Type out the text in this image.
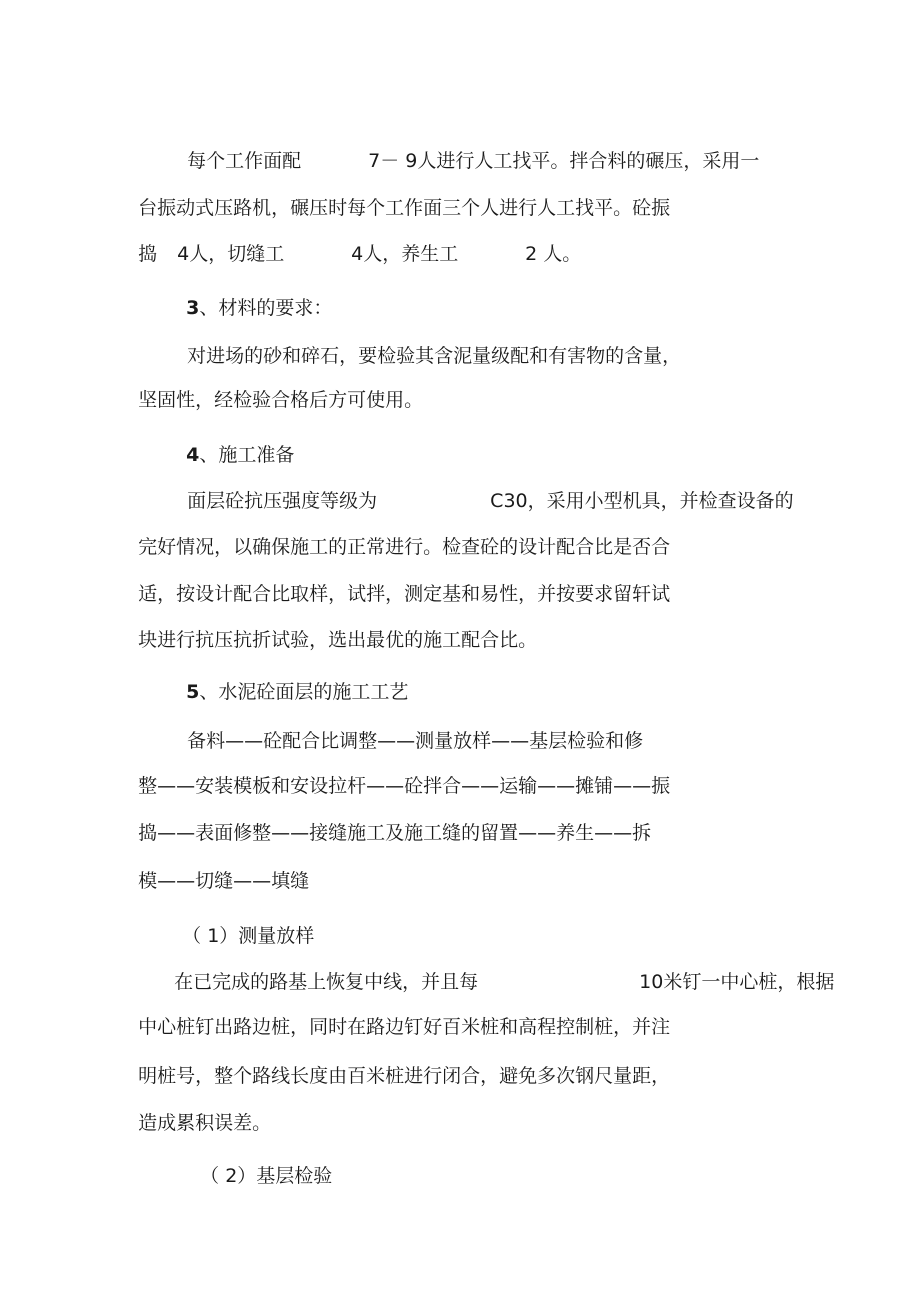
每个工作面配
	7－ 9人进行人工找平。拌合料的碾压，采用一

台振动式压路机，碾压时每个工作面三个人进行人工找平。砼振

捣
	4人，切缝工
	4人，养生工
	2 人。

3、材料的要求：

对进场的砂和碎石，要检验其含泥量级配和有害物的含量，

坚固性，经检验合格后方可使用。

4、施工准备

面层砼抗压强度等级为
	C30，采用小型机具，并检查设备的

完好情况，以确保施工的正常进行。检查砼的设计配合比是否合

适，按设计配合比取样，试拌，测定基和易性，并按要求留轩试

块进行抗压抗折试验，选出最优的施工配合比。

5、水泥砼面层的施工工艺

备料——砼配合比调整——测量放样——基层检验和修

整——安装模板和安设拉杆——砼拌合——运输——摊铺——振

捣——表面修整——接缝施工及施工缝的留置——养生——拆

模——切缝——填缝

（ 1）测量放样

在已完成的路基上恢复中线，并且每
	10米钉一中心桩，根据

中心桩钉出路边桩，同时在路边钉好百米桩和高程控制桩，并注

明桩号，整个路线长度由百米桩进行闭合，避免多次钢尺量距，

造成累积误差。

（ 2）基层检验
